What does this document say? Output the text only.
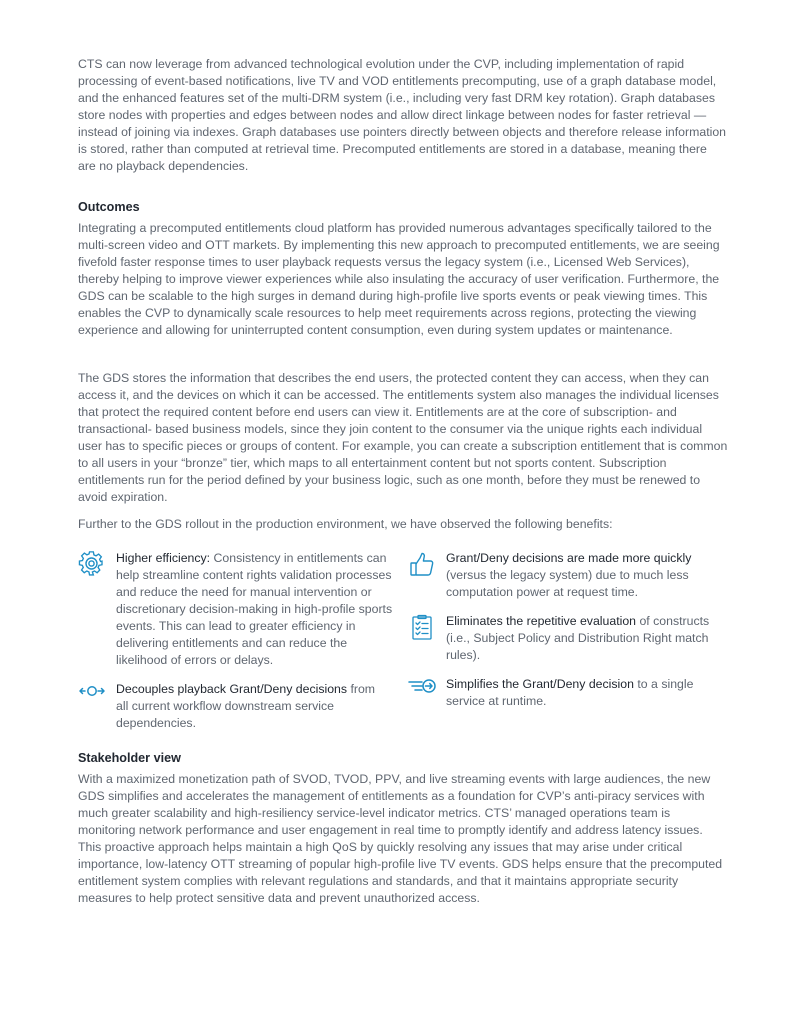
CTS can now leverage from advanced technological evolution under the CVP, including implementation of rapid processing of event-based notifications, live TV and VOD entitlements precomputing, use of a graph database model, and the enhanced features set of the multi-DRM system (i.e., including very fast DRM key rotation). Graph databases store nodes with properties and edges between nodes and allow direct linkage between nodes for faster retrieval — instead of joining via indexes. Graph databases use pointers directly between objects and therefore release information is stored, rather than computed at retrieval time. Precomputed entitlements are stored in a database, meaning there are no playback dependencies.

Outcomes

Integrating a precomputed entitlements cloud platform has provided numerous advantages specifically tailored to the multi-screen video and OTT markets. By implementing this new approach to precomputed entitlements, we are seeing fivefold faster response times to user playback requests versus the legacy system (i.e., Licensed Web Services), thereby helping to improve viewer experiences while also insulating the accuracy of user verification. Furthermore, the GDS can be scalable to the high surges in demand during high-profile live sports events or peak viewing times. This enables the CVP to dynamically scale resources to help meet requirements across regions, protecting the viewing experience and allowing for uninterrupted content consumption, even during system updates or maintenance.

The GDS stores the information that describes the end users, the protected content they can access, when they can access it, and the devices on which it can be accessed. The entitlements system also manages the individual licenses that protect the required content before end users can view it. Entitlements are at the core of subscription- and transactional- based business models, since they join content to the consumer via the unique rights each individual user has to specific pieces or groups of content. For example, you can create a subscription entitlement that is common to all users in your “bronze” tier, which maps to all entertainment content but not sports content. Subscription entitlements run for the period defined by your business logic, such as one month, before they must be renewed to avoid expiration.

Further to the GDS rollout in the production environment, we have observed the following benefits:

Higher efficiency: Consistency in entitlements can help streamline content rights validation processes and reduce the need for manual intervention or discretionary decision-making in high-profile sports events. This can lead to greater efficiency in delivering entitlements and can reduce the likelihood of errors or delays.

Decouples playback Grant/Deny decisions from all current workflow downstream service dependencies.

Grant/Deny decisions are made more quickly (versus the legacy system) due to much less computation power at request time.

Eliminates the repetitive evaluation of constructs (i.e., Subject Policy and Distribution Right match rules).

Simplifies the Grant/Deny decision to a single service at runtime.

Stakeholder view

With a maximized monetization path of SVOD, TVOD, PPV, and live streaming events with large audiences, the new GDS simplifies and accelerates the management of entitlements as a foundation for CVP’s anti-piracy services with much greater scalability and high-resiliency service-level indicator metrics. CTS’ managed operations team is monitoring network performance and user engagement in real time to promptly identify and address latency issues. This proactive approach helps maintain a high QoS by quickly resolving any issues that may arise under critical importance, low-latency OTT streaming of popular high-profile live TV events. GDS helps ensure that the precomputed entitlement system complies with relevant regulations and standards, and that it maintains appropriate security measures to help protect sensitive data and prevent unauthorized access.
